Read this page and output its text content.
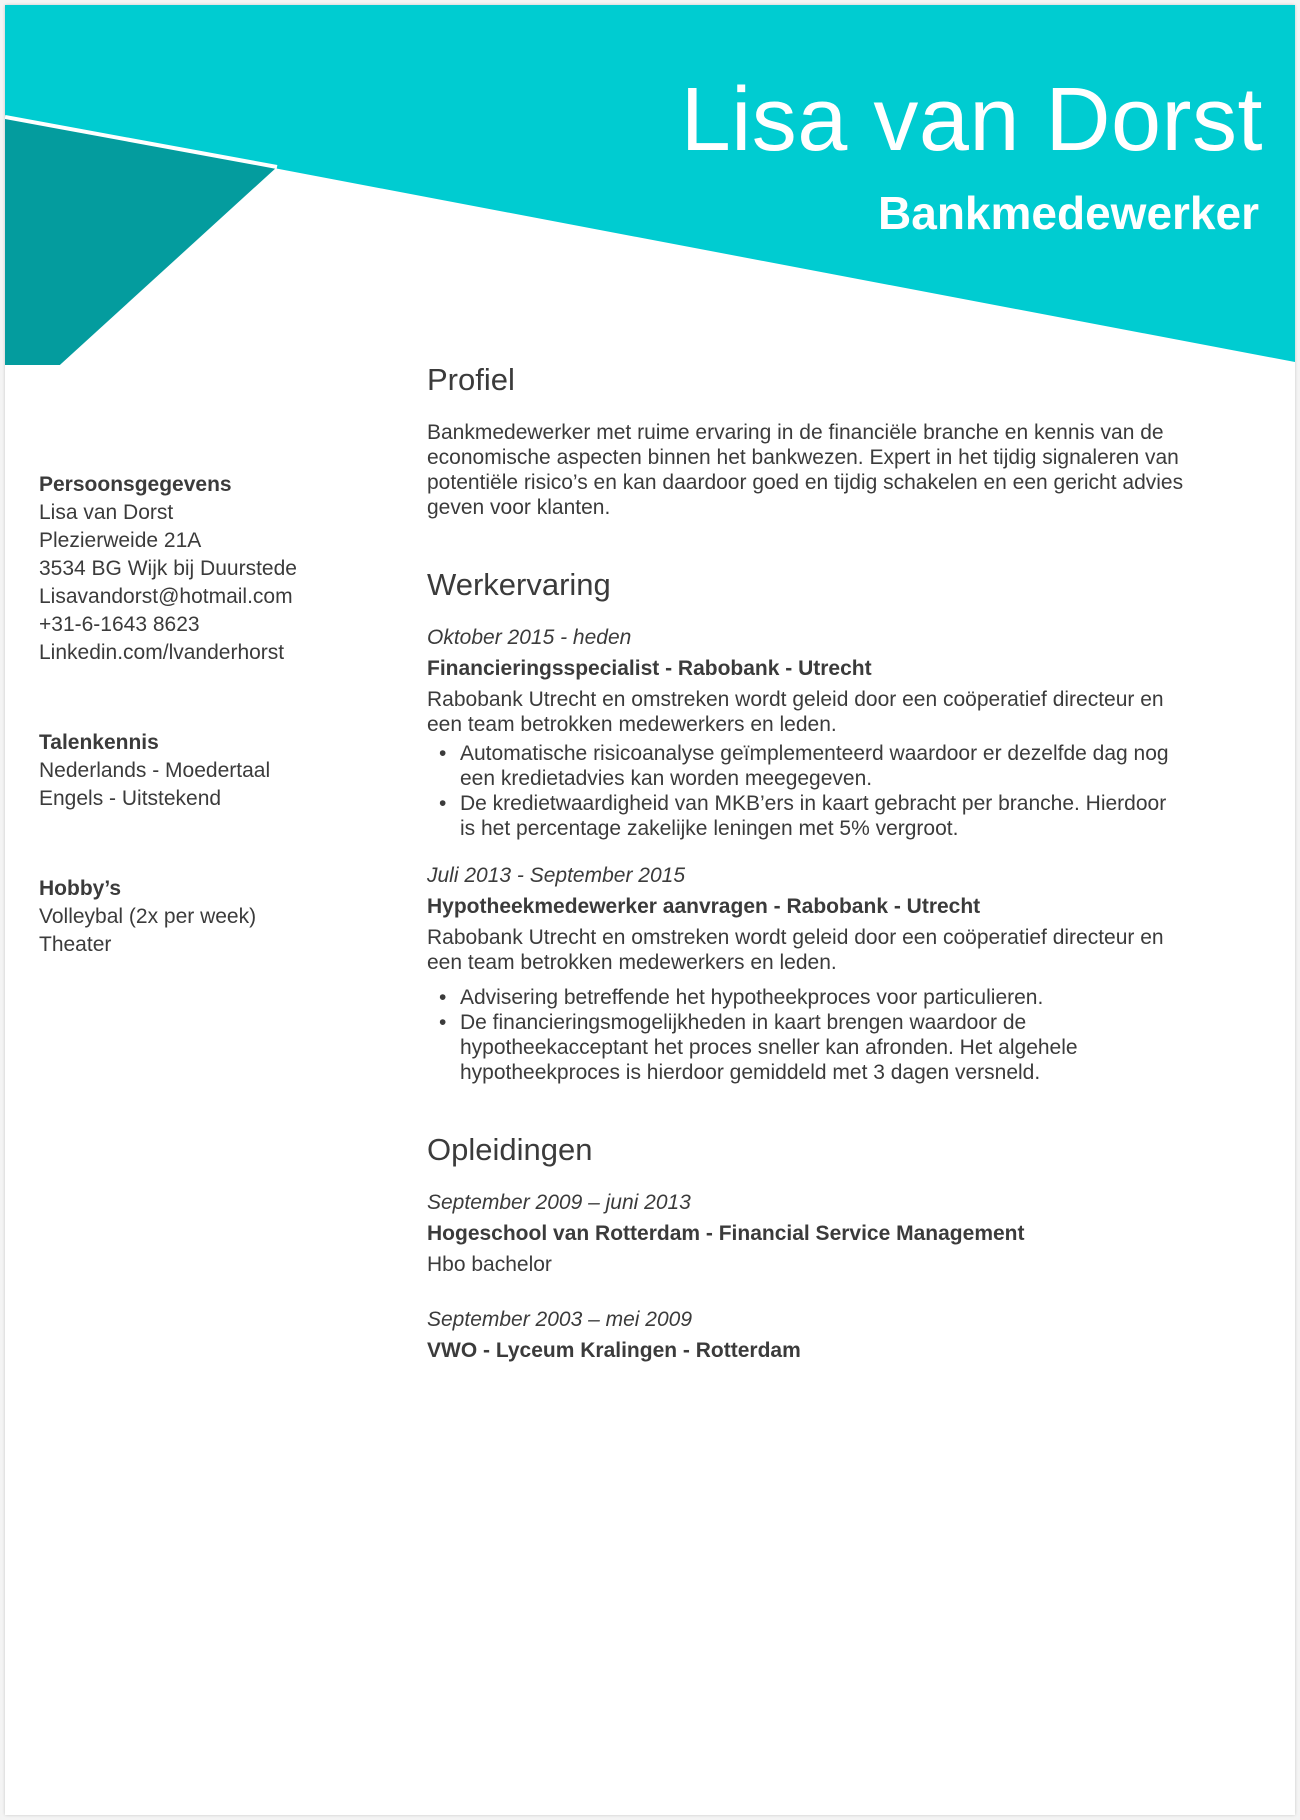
Lisa van Dorst
Bankmedewerker
Persoonsgegevens
Lisa van Dorst
Plezierweide 21A
3534 BG Wijk bij Duurstede
Lisavandorst@hotmail.com
+31-6-1643 8623
Linkedin.com/lvanderhorst
Talenkennis
Nederlands - Moedertaal
Engels - Uitstekend
Hobby’s
Volleybal (2x per week)
Theater
Profiel

Bankmedewerker met ruime ervaring in de financiële branche en kennis van de economische aspecten binnen het bankwezen. Expert in het tijdig signaleren van potentiële risico’s en kan daardoor goed en tijdig schakelen en een gericht advies geven voor klanten.

Werkervaring
Oktober 2015 - heden
Financieringsspecialist - Rabobank - Utrecht
Rabobank Utrecht en omstreken wordt geleid door een coöperatief directeur en een team betrokken medewerkers en leden.
• Automatische risicoanalyse geïmplementeerd waardoor er dezelfde dag nog een kredietadvies kan worden meegegeven.
• De kredietwaardigheid van MKB’ers in kaart gebracht per branche. Hierdoor is het percentage zakelijke leningen met 5% vergroot.
Juli 2013 - September 2015
Hypotheekmedewerker aanvragen - Rabobank - Utrecht
Rabobank Utrecht en omstreken wordt geleid door een coöperatief directeur en een team betrokken medewerkers en leden.
• Advisering betreffende het hypotheekproces voor particulieren.
• De financieringsmogelijkheden in kaart brengen waardoor de hypotheekacceptant het proces sneller kan afronden. Het algehele hypotheekproces is hierdoor gemiddeld met 3 dagen versneld.
Opleidingen
September 2009 – juni 2013
Hogeschool van Rotterdam - Financial Service Management
Hbo bachelor
September 2003 – mei 2009
VWO - Lyceum Kralingen - Rotterdam
